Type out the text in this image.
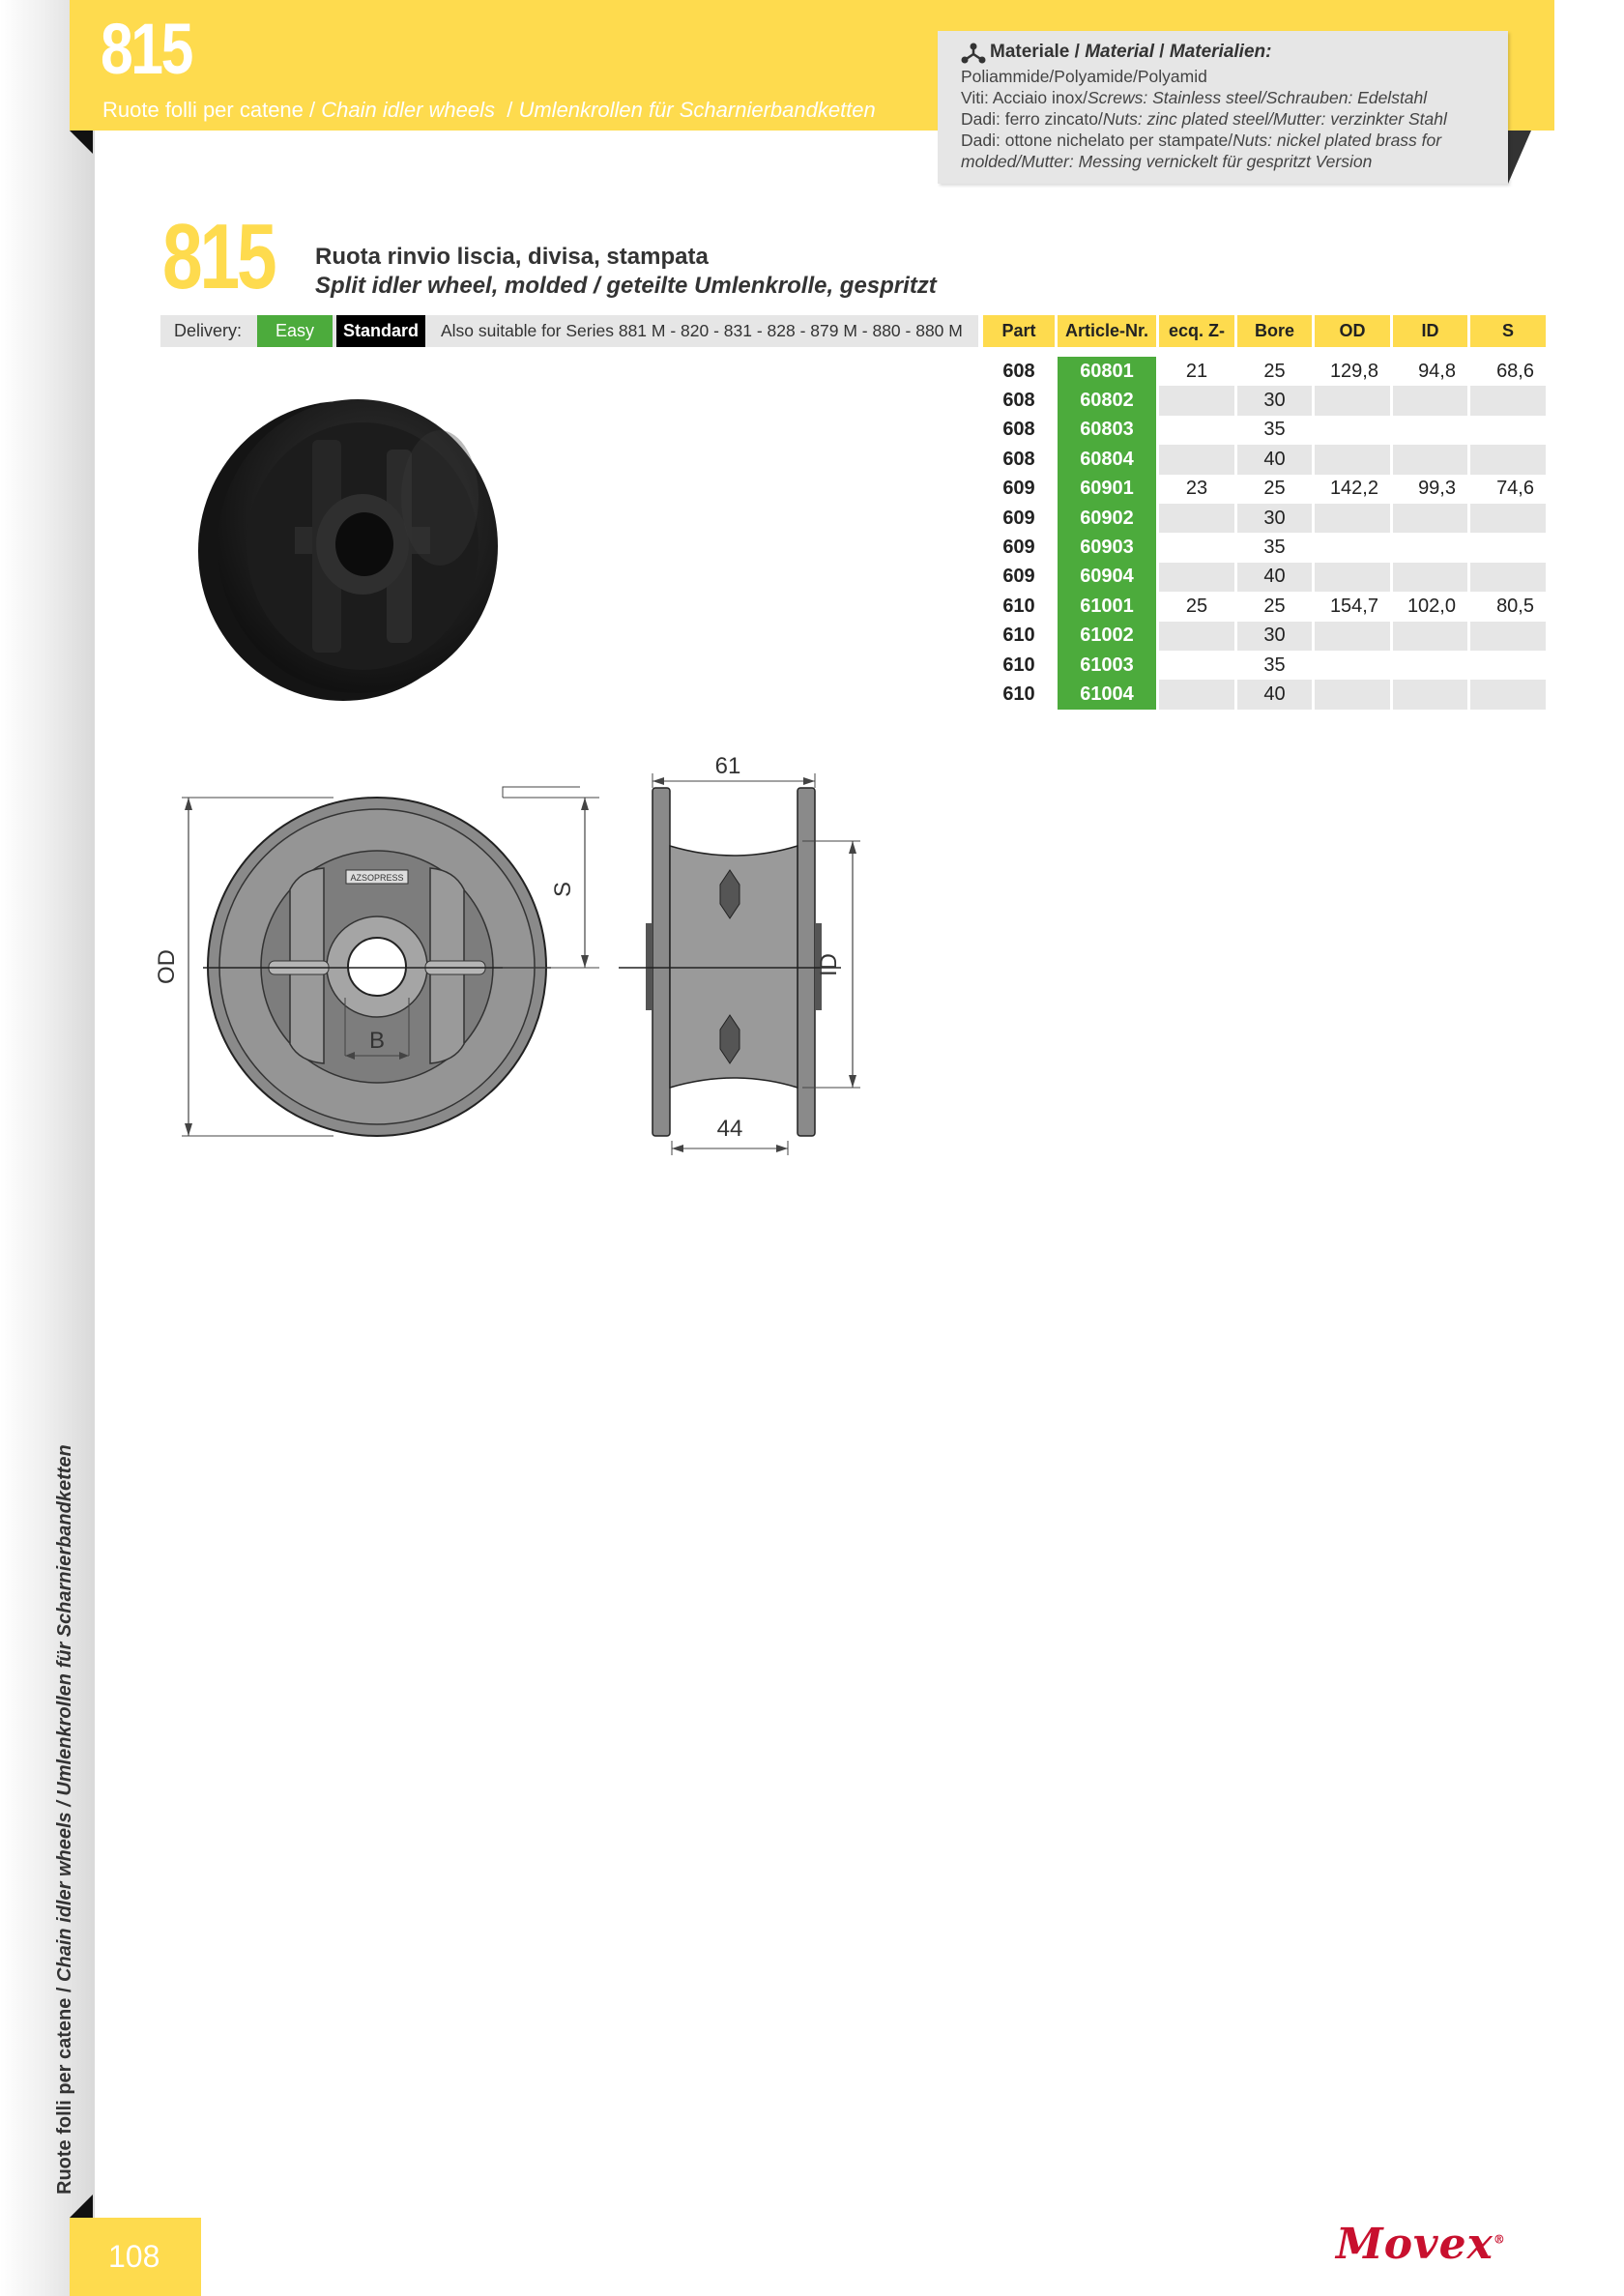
815
Ruote folli per catene / Chain idler wheels  / Umlenkrollen für Scharnierbandketten
Materiale / Material / Materialien:
Poliammide/Polyamide/Polyamid
Viti: Acciaio inox/Screws: Stainless steel/Schrauben: Edelstahl
Dadi: ferro zincato/Nuts: zinc plated steel/Mutter: verzinkter Stahl
Dadi: ottone nichelato per stampate/Nuts: nickel plated brass for
molded/Mutter: Messing vernickelt für gespritzt Version
815 Ruota rinvio liscia, divisa, stampata
Split idler wheel, molded / geteilte Umlenkrolle, gespritzt
Delivery:	Easy	Standard	Also suitable for Series 881 M - 820 - 831 - 828 - 879 M - 880 - 880 M Part	Article-Nr.	ecq. Z-	Bore	OD	ID	S

608	60801	21	25	129,8	94,8	68,6
608	60802		30			
608	60803		35			
608	60804		40			
609	60901	23	25	142,2	99,3	74,6
609	60902		30			
609	60903		35			
609	60904		40			
610	61001	25	25	154,7	102,0	80,5
610	61002		30			
610	61003		35			
610	61004		40			
OD
AZSOPRESS
B
S
61
44
ID
Ruote folli per catene / Chain idler wheels / Umlenkrollen für Scharnierbandketten
108	Movex®
